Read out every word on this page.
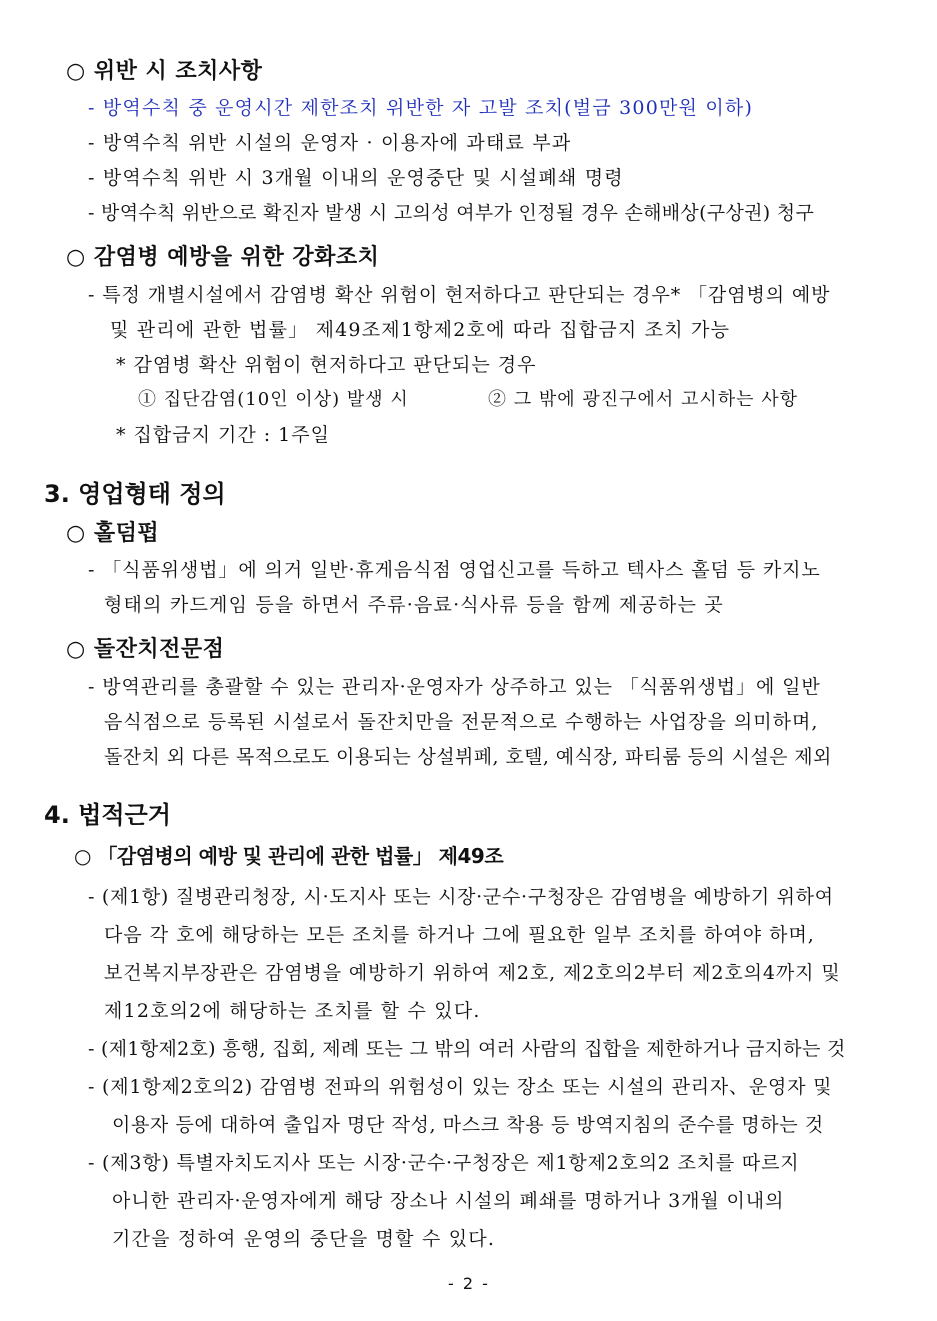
○ 위반 시 조치사항
- 방역수칙 중 운영시간 제한조치 위반한 자 고발 조치(벌금 300만원 이하)
- 방역수칙 위반 시설의 운영자 · 이용자에 과태료 부과
- 방역수칙 위반 시 3개월 이내의 운영중단 및 시설폐쇄 명령
- 방역수칙 위반으로 확진자 발생 시 고의성 여부가 인정될 경우 손해배상(구상권) 청구
○ 감염병 예방을 위한 강화조치
- 특정 개별시설에서 감염병 확산 위험이 현저하다고 판단되는 경우* 「감염병의 예방
및 관리에 관한 법률」 제49조제1항제2호에 따라 집합금지 조치 가능
* 감염병 확산 위험이 현저하다고 판단되는 경우
① 집단감염(10인 이상) 발생 시	② 그 밖에 광진구에서 고시하는 사항
* 집합금지 기간 : 1주일
3. 영업형태 정의
○ 홀덤펍
- 「식품위생법」에 의거 일반·휴게음식점 영업신고를 득하고 텍사스 홀덤 등 카지노
형태의 카드게임 등을 하면서 주류·음료·식사류 등을 함께 제공하는 곳
○ 돌잔치전문점
- 방역관리를 총괄할 수 있는 관리자·운영자가 상주하고 있는 「식품위생법」에 일반
음식점으로 등록된 시설로서 돌잔치만을 전문적으로 수행하는 사업장을 의미하며,
돌잔치 외 다른 목적으로도 이용되는 상설뷔페, 호텔, 예식장, 파티룸 등의 시설은 제외
4. 법적근거
○ 「감염병의 예방 및 관리에 관한 법률」 제49조
- (제1항) 질병관리청장, 시·도지사 또는 시장·군수·구청장은 감염병을 예방하기 위하여
다음 각 호에 해당하는 모든 조치를 하거나 그에 필요한 일부 조치를 하여야 하며,
보건복지부장관은 감염병을 예방하기 위하여 제2호, 제2호의2부터 제2호의4까지 및
제12호의2에 해당하는 조치를 할 수 있다.
- (제1항제2호) 흥행, 집회, 제례 또는 그 밖의 여러 사람의 집합을 제한하거나 금지하는 것
- (제1항제2호의2) 감염병 전파의 위험성이 있는 장소 또는 시설의 관리자、운영자 및
이용자 등에 대하여 출입자 명단 작성, 마스크 착용 등 방역지침의 준수를 명하는 것
- (제3항) 특별자치도지사 또는 시장·군수·구청장은 제1항제2호의2 조치를 따르지
아니한 관리자·운영자에게 해당 장소나 시설의 폐쇄를 명하거나 3개월 이내의
기간을 정하여 운영의 중단을 명할 수 있다.
- 2 -
